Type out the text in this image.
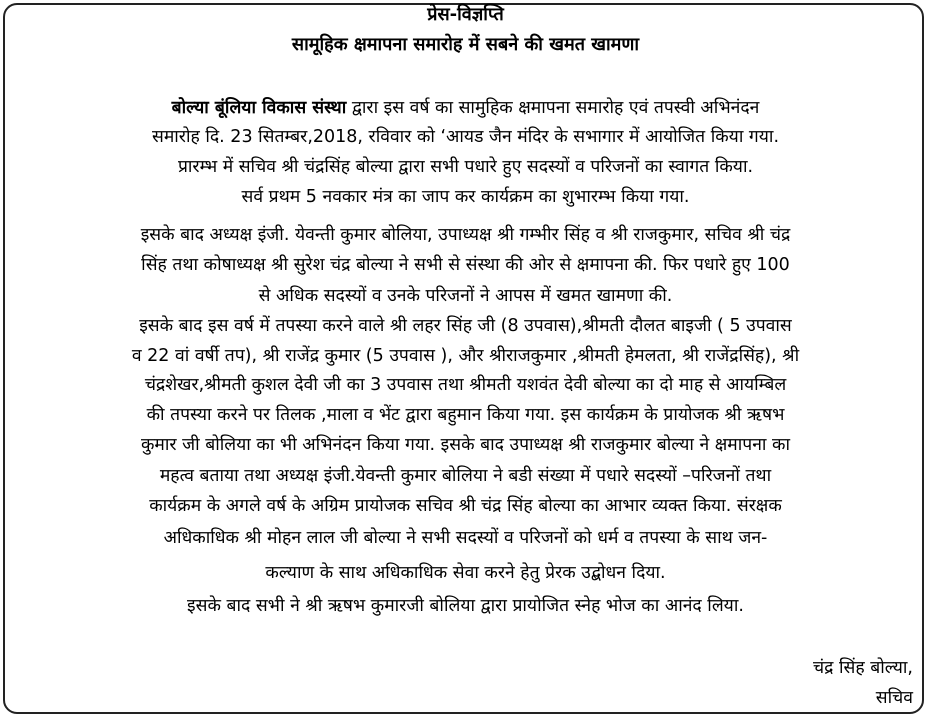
प्रेस-विज्ञप्ति
सामूहिक क्षमापना समारोह में सबने की खमत खामणा
बोल्या बूंलिया विकास संस्था द्वारा इस वर्ष का सामुहिक क्षमापना समारोह एवं तपस्वी अभिनंदन
समारोह दि. 23 सितम्बर,2018, रविवार को ‘आयड जैन मंदिर के सभागार में आयोजित किया गया.
प्रारम्भ में सचिव श्री चंद्रसिंह बोल्या द्वारा सभी पधारे हुए सदस्यों व परिजनों का स्वागत किया.
सर्व प्रथम 5 नवकार मंत्र का जाप कर कार्यक्रम का शुभारम्भ किया गया.
इसके बाद अध्यक्ष इंजी. येवन्ती कुमार बोलिया, उपाध्यक्ष श्री गम्भीर सिंह व श्री राजकुमार, सचिव श्री चंद्र
सिंह तथा कोषाध्यक्ष श्री सुरेश चंद्र बोल्या ने सभी से संस्था की ओर से क्षमापना की. फिर पधारे हुए 100
से अधिक सदस्यों व उनके परिजनों ने आपस में खमत खामणा की.
इसके बाद इस वर्ष में तपस्या करने वाले श्री लहर सिंह जी (8 उपवास),श्रीमती दौलत बाइजी ( 5 उपवास
व 22 वां वर्षी तप), श्री राजेंद्र कुमार (5 उपवास ), और श्रीराजकुमार ,श्रीमती हेमलता, श्री राजेंद्रसिंह), श्री
चंद्रशेखर,श्रीमती कुशल देवी जी का 3 उपवास तथा श्रीमती यशवंत देवी बोल्या का दो माह से आयम्बिल
की तपस्या करने पर तिलक ,माला व भेंट द्वारा बहुमान किया गया. इस कार्यक्रम के प्रायोजक श्री ऋषभ
कुमार जी बोलिया का भी अभिनंदन किया गया. इसके बाद उपाध्यक्ष श्री राजकुमार बोल्या ने क्षमापना का
महत्व बताया तथा अध्यक्ष इंजी.येवन्ती कुमार बोलिया ने बडी संख्या में पधारे सदस्यों –परिजनों तथा
कार्यक्रम के अगले वर्ष के अग्रिम प्रायोजक सचिव श्री चंद्र सिंह बोल्या का आभार व्यक्त किया. संरक्षक
अधिकाधिक श्री मोहन लाल जी बोल्या ने सभी सदस्यों व परिजनों को धर्म व तपस्या के साथ जन-
कल्याण के साथ अधिकाधिक सेवा करने हेतु प्रेरक उद्बोधन दिया.
इसके बाद सभी ने श्री ऋषभ कुमारजी बोलिया द्वारा प्रायोजित स्नेह भोज का आनंद लिया.
चंद्र सिंह बोल्या,
सचिव
